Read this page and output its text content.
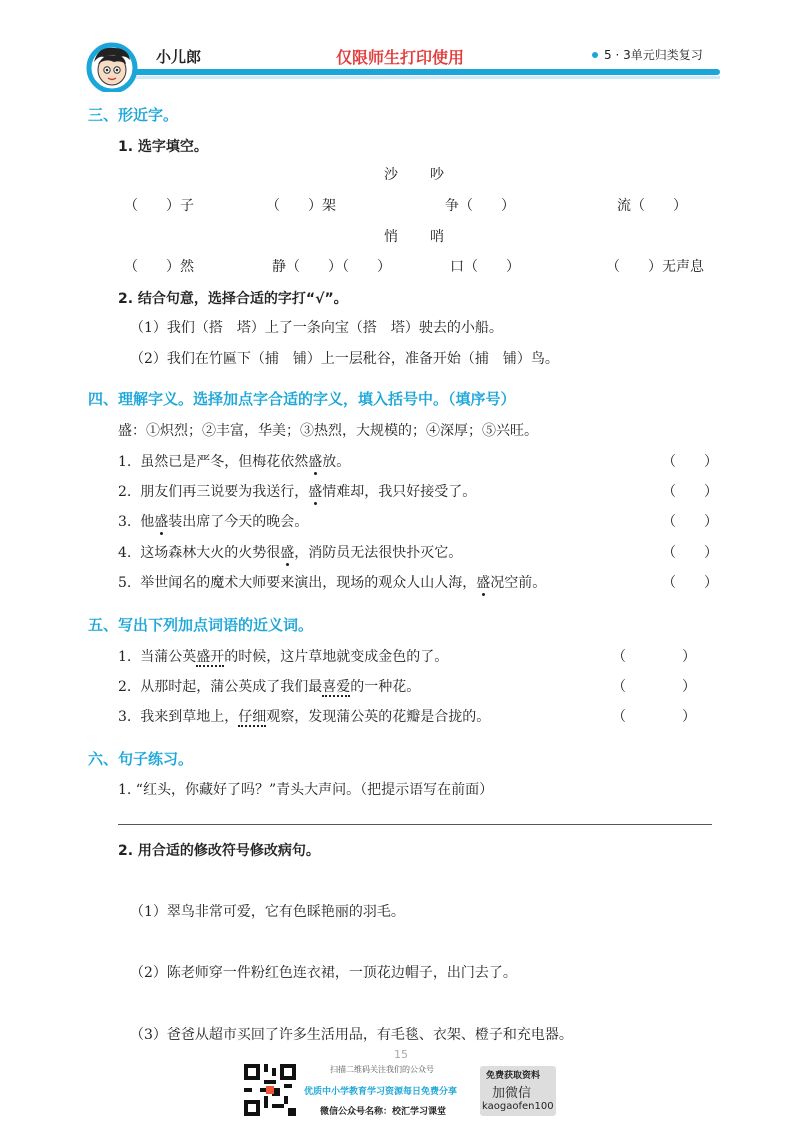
小儿郎	仅限师生打印使用	5 · 3单元归类复习
三、形近字。
1. 选字填空。
沙 吵
（　　）子	（　　）架	争（　　）	流（　　）
悄 哨
（　　）然	静（　　）（　　）	口（　　）	（　　）无声息
2. 结合句意，选择合适的字打“√”。
（1）我们（搭　塔）上了一条向宝（搭　塔）驶去的小船。
（2）我们在竹匾下（捕　铺）上一层秕谷，准备开始（捕　铺）鸟。
四、理解字义。选择加点字合适的字义，填入括号中。（填序号）
盛：①炽烈；②丰富，华美；③热烈，大规模的；④深厚；⑤兴旺。
1. 虽然已是严冬，但梅花依然盛放。	（　　）
2. 朋友们再三说要为我送行，盛情难却，我只好接受了。	（　　）
3. 他盛装出席了今天的晚会。	（　　）
4. 这场森林大火的火势很盛，消防员无法很快扑灭它。	（　　）
5. 举世闻名的魔术大师要来演出，现场的观众人山人海，盛况空前。	（　　）
五、写出下列加点词语的近义词。
1. 当蒲公英盛开的时候，这片草地就变成金色的了。	（　　　　）
2. 从那时起，蒲公英成了我们最喜爱的一种花。	（　　　　）
3. 我来到草地上，仔细观察，发现蒲公英的花瓣是合拢的。	（　　　　）
六、句子练习。
1. “红头，你藏好了吗？”青头大声问。（把提示语写在前面）
2. 用合适的修改符号修改病句。
（1）翠鸟非常可爱，它有色睬艳丽的羽毛。
（2）陈老师穿一件粉红色连衣裙，一顶花边帽子，出门去了。
（3）爸爸从超市买回了许多生活用品，有毛毯、衣架、橙子和充电器。
15
扫描二维码关注我们的公众号
优质中小学教育学习资源每日免费分享
微信公众号名称：校汇学习课堂
免费获取资料
加微信
kaogaofen100
